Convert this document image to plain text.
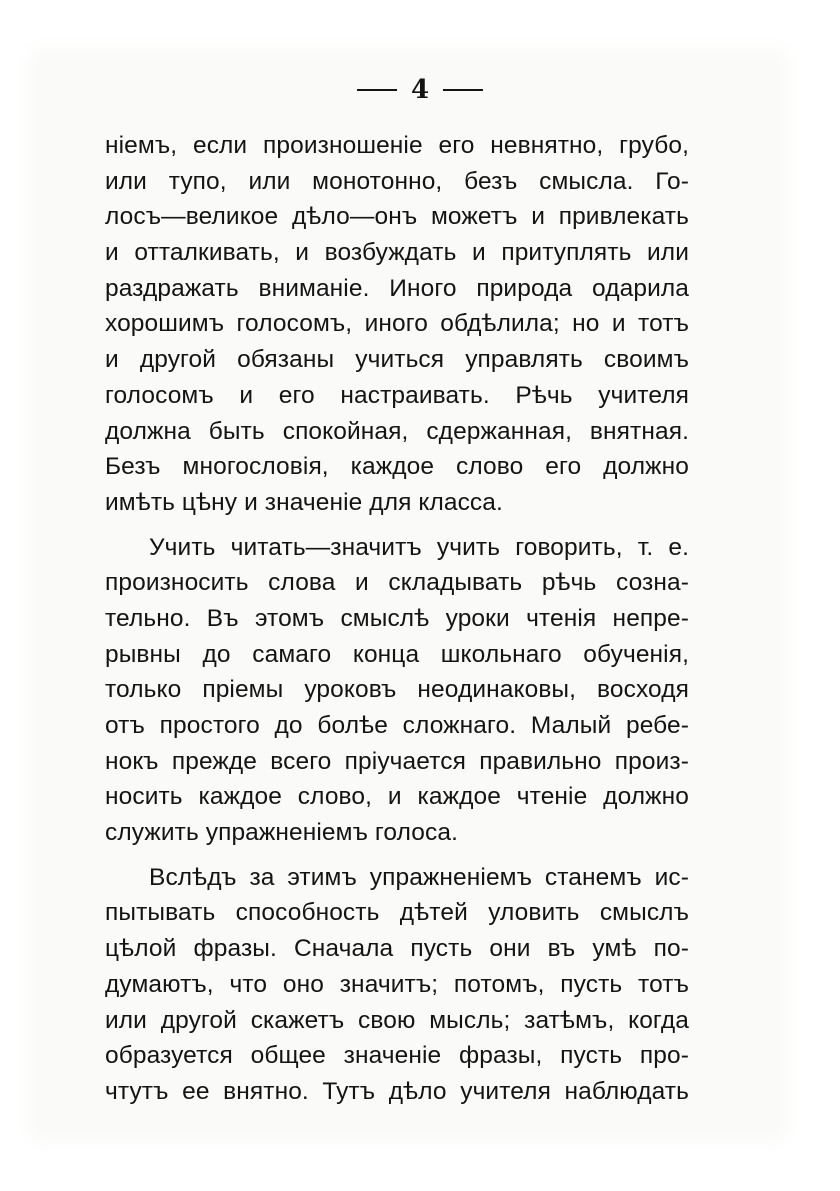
4
нiемъ, если произношенiе его невнятно, грубо,
или тупо, или монотонно, безъ смысла. Го-
лосъ—великое дѣло—онъ можетъ и привлекать
и отталкивать, и возбуждать и притуплять или
раздражать вниманiе. Иного природа одарила
хорошимъ голосомъ, иного обдѣлила; но и тотъ
и другой обязаны учиться управлять своимъ
голосомъ и его настраивать. Рѣчь учителя
должна быть спокойная, сдержанная, внятная.
Безъ многословiя, каждое слово его должно
имѣть цѣну и значенiе для класса.
Учить читать—значитъ учить говорить, т. е.
произносить слова и складывать рѣчь созна-
тельно. Въ этомъ смыслѣ уроки чтенiя непре-
рывны до самаго конца школьнаго обученiя,
только прiемы уроковъ неодинаковы, восходя
отъ простого до болѣе сложнаго. Малый ребе-
нокъ прежде всего прiучается правильно произ-
носить каждое слово, и каждое чтенiе должно
служить упражненiемъ голоса.
Вслѣдъ за этимъ упражненiемъ станемъ ис-
пытывать способность дѣтей уловить смыслъ
цѣлой фразы. Сначала пусть они въ умѣ по-
думаютъ, что оно значитъ; потомъ, пусть тотъ
или другой скажетъ свою мысль; затѣмъ, когда
образуется общее значенiе фразы, пусть про-
чтутъ ее внятно. Тутъ дѣло учителя наблюдать
